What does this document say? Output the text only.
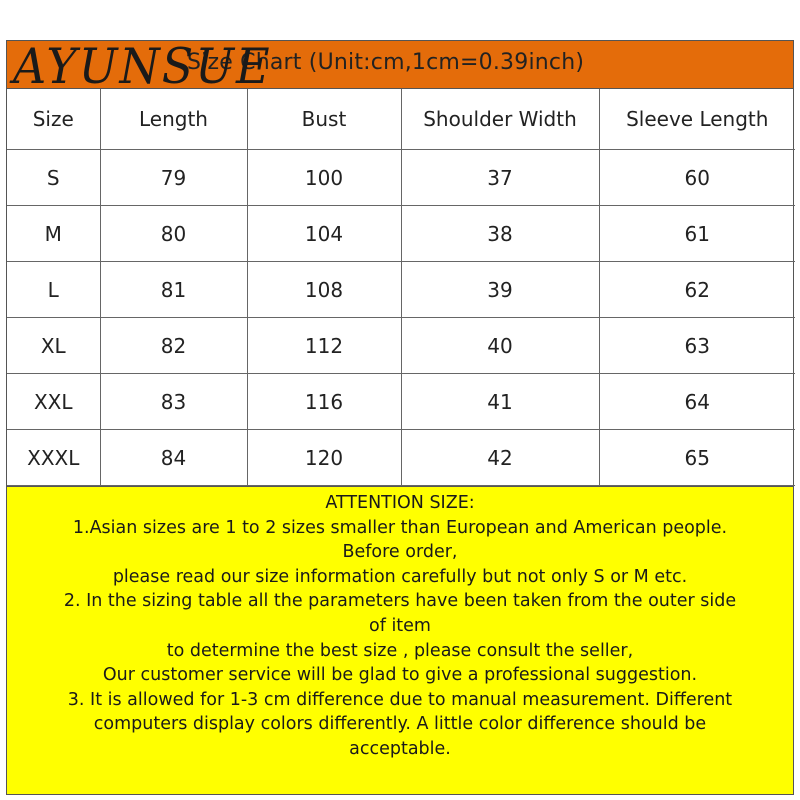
Size Chart (Unit:cm,1cm=0.39inch)
AYUNSUE
Size	Length	Bust	Shoulder Width	Sleeve Length
S	79	100	37	60
M	80	104	38	61
L	81	108	39	62
XL	82	112	40	63
XXL	83	116	41	64
XXXL	84	120	42	65
ATTENTION SIZE:
1.Asian sizes are 1 to 2 sizes smaller than European and American people.
Before order,
please read our size information carefully but not only S or M etc.
2. In the sizing table all the parameters have been taken from the outer side
of item
to determine the best size , please consult the seller,
Our customer service will be glad to give a professional suggestion.
3. It is allowed for 1-3 cm difference due to manual measurement. Different
computers display colors differently. A little color difference should be
acceptable.
